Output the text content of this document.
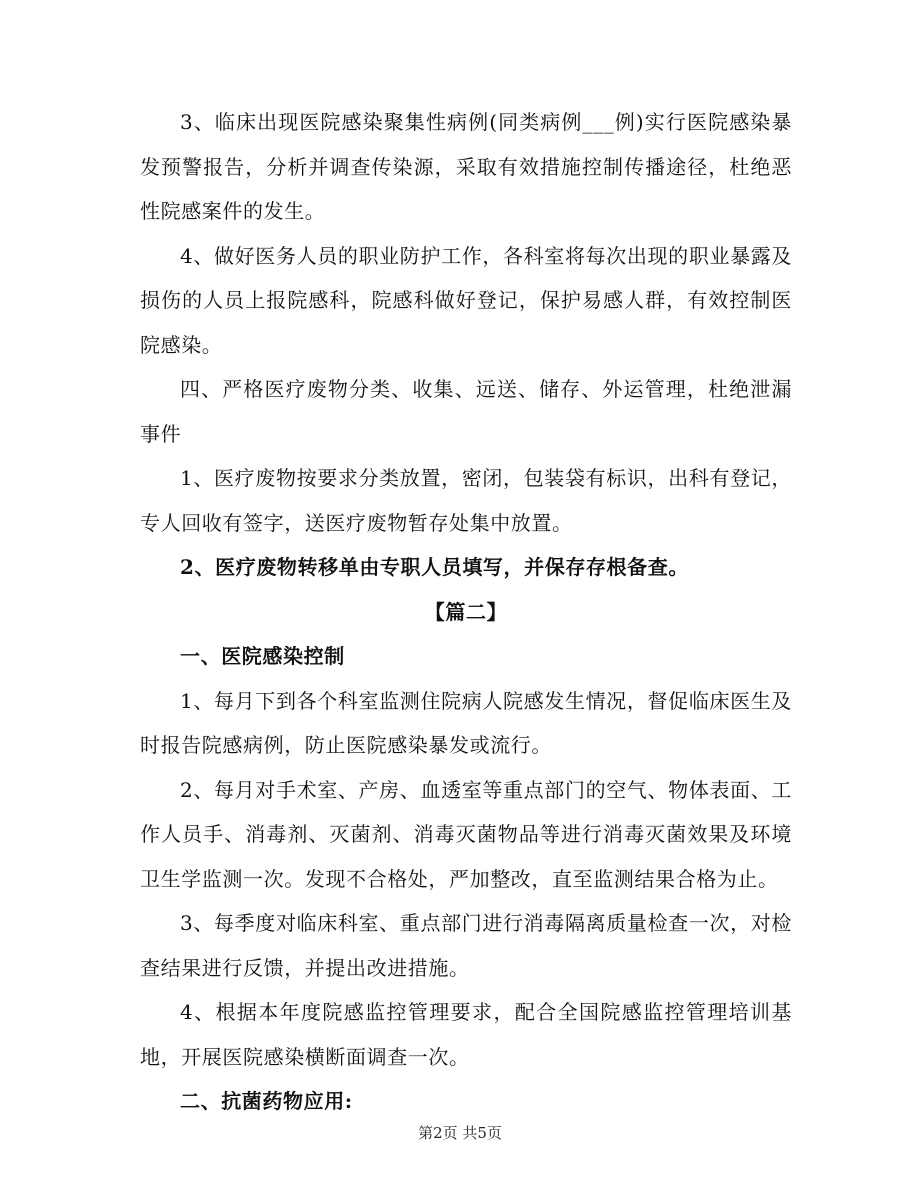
3、临床出现医院感染聚集性病例(同类病例___例)实行医院感染暴发预警报告，分析并调查传染源，采取有效措施控制传播途径，杜绝恶性院感案件的发生。

4、做好医务人员的职业防护工作，各科室将每次出现的职业暴露及损伤的人员上报院感科，院感科做好登记，保护易感人群，有效控制医院感染。

四、严格医疗废物分类、收集、远送、储存、外运管理，杜绝泄漏事件

1、医疗废物按要求分类放置，密闭，包装袋有标识，出科有登记，专人回收有签字，送医疗废物暂存处集中放置。

2、医疗废物转移单由专职人员填写，并保存存根备查。

【篇二】

一、医院感染控制

1、每月下到各个科室监测住院病人院感发生情况，督促临床医生及时报告院感病例，防止医院感染暴发或流行。

2、每月对手术室、产房、血透室等重点部门的空气、物体表面、工作人员手、消毒剂、灭菌剂、消毒灭菌物品等进行消毒灭菌效果及环境卫生学监测一次。发现不合格处，严加整改，直至监测结果合格为止。

3、每季度对临床科室、重点部门进行消毒隔离质量检查一次，对检查结果进行反馈，并提出改进措施。

4、根据本年度院感监控管理要求，配合全国院感监控管理培训基地，开展医院感染横断面调查一次。

二、抗菌药物应用:

第2页 共5页
